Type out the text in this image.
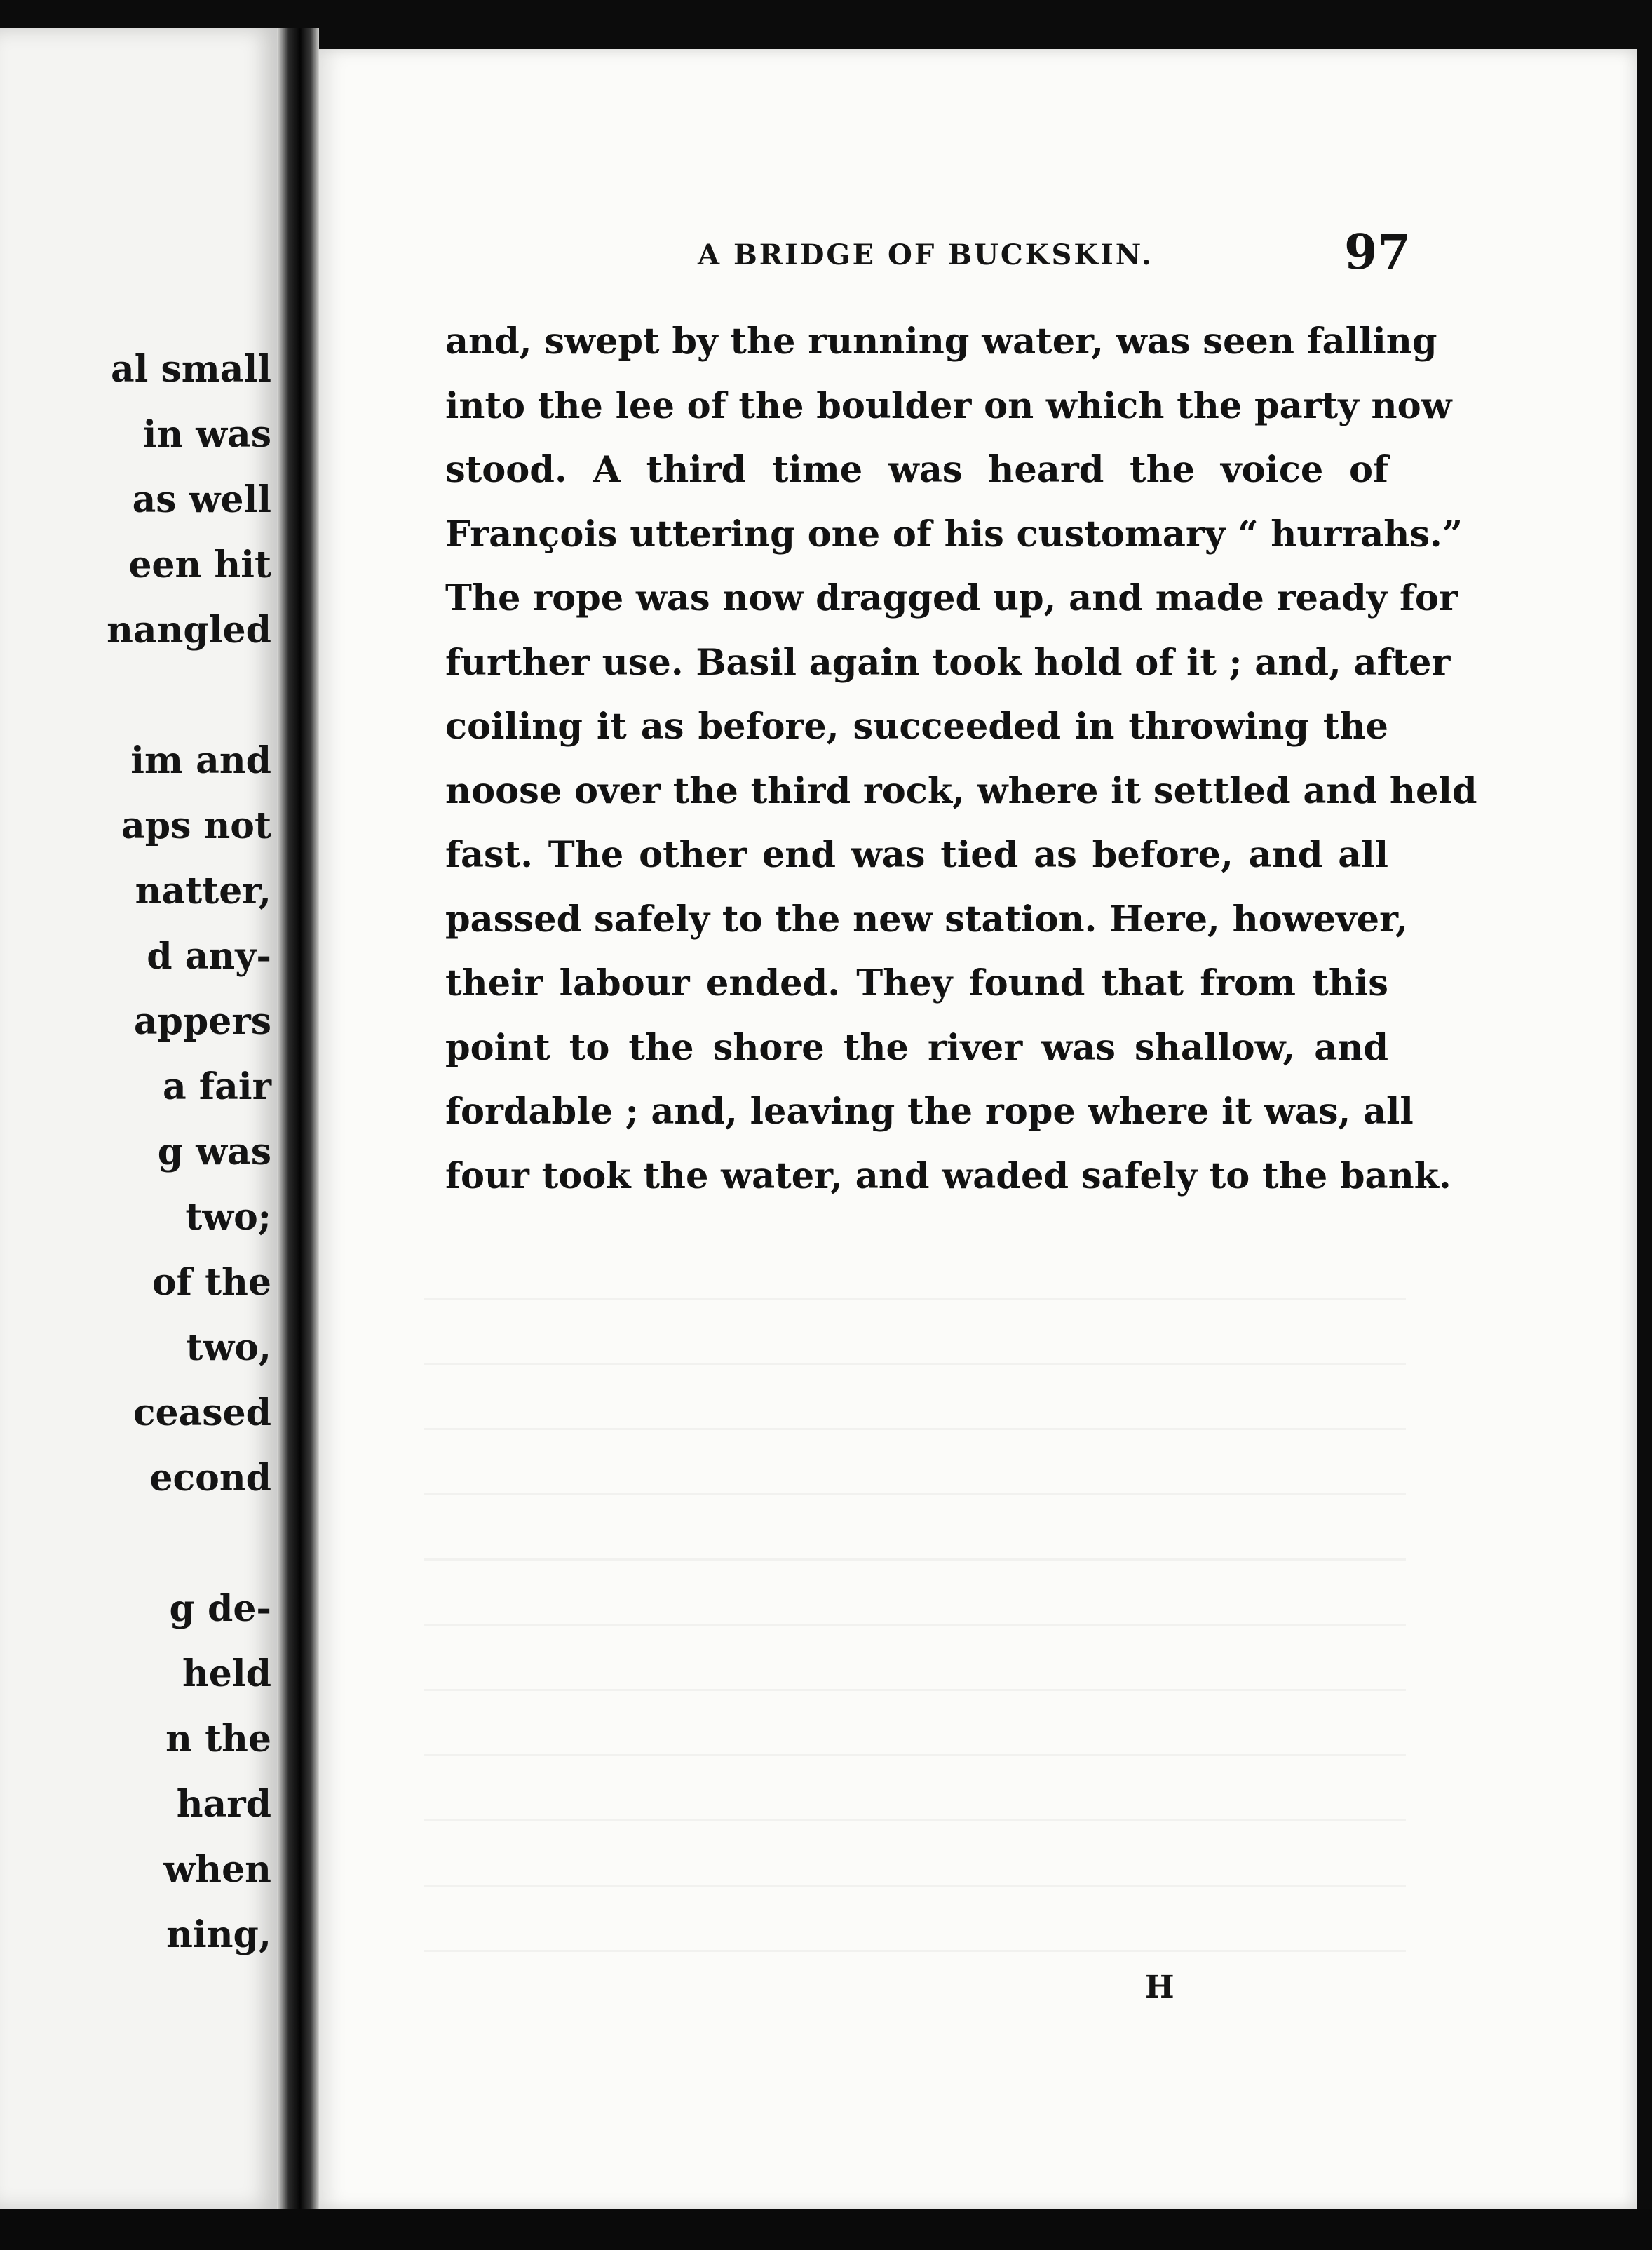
al small
in was
as well
een hit
nangled
im and
aps not
natter,
d any-
appers
a fair
g was
two;
of the
two,
ceased
econd
g de-
held
n the
hard
when
ning,
A BRIDGE OF BUCKSKIN.	97
and, swept by the running water, was seen falling
into the lee of the boulder on which the party now
stood. A third time was heard the voice of
François uttering one of his customary “ hurrahs.”
The rope was now dragged up, and made ready for
further use. Basil again took hold of it ; and, after
coiling it as before, succeeded in throwing the
noose over the third rock, where it settled and held
fast. The other end was tied as before, and all
passed safely to the new station. Here, however,
their labour ended. They found that from this
point to the shore the river was shallow, and
fordable ; and, leaving the rope where it was, all
four took the water, and waded safely to the bank.
H
